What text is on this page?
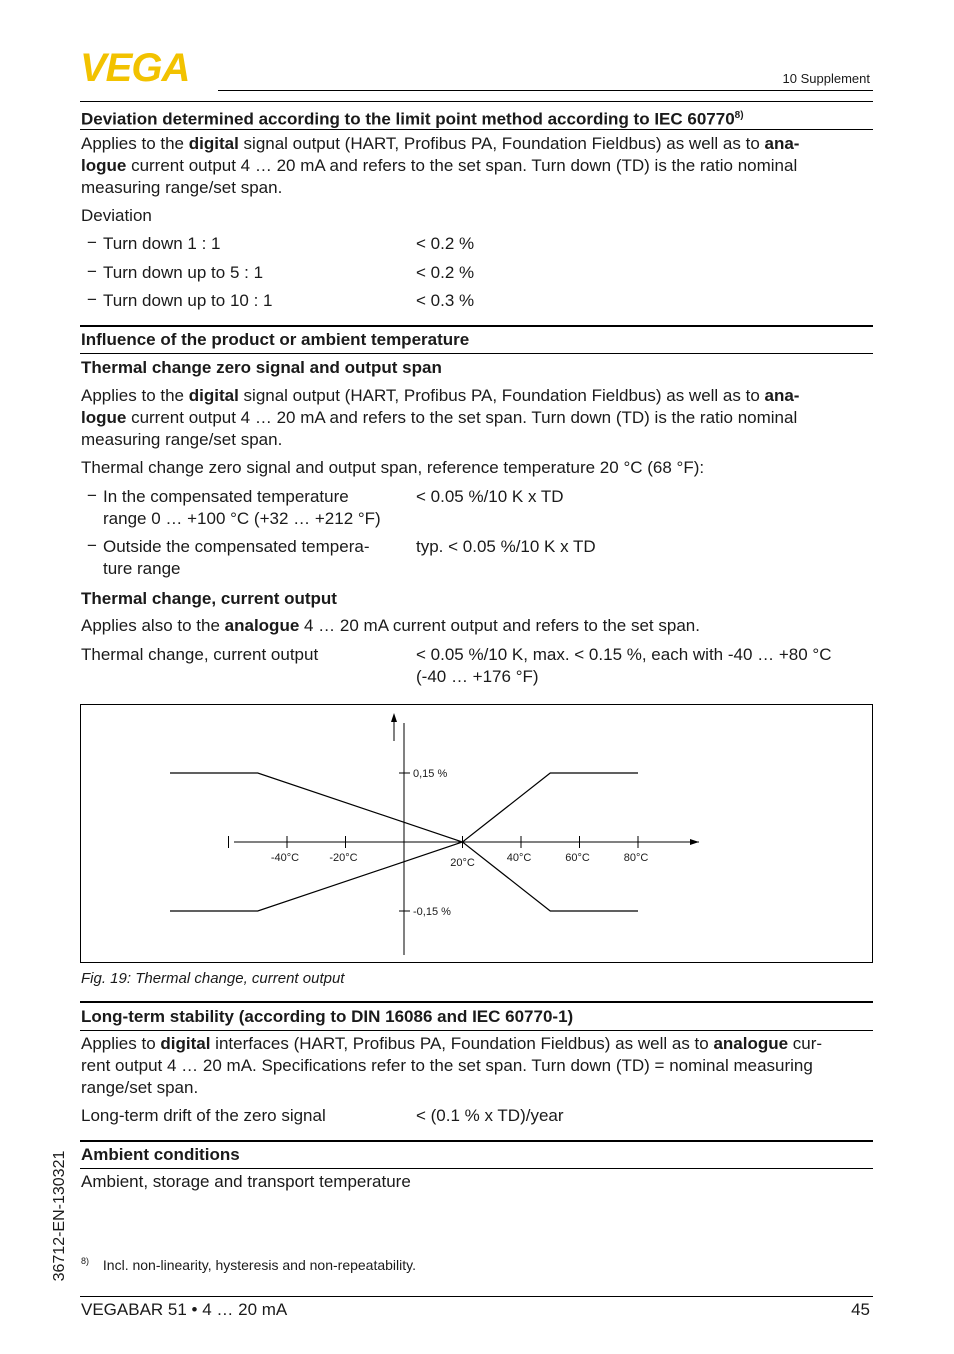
VEGA	10 Supplement
Deviation determined according to the limit point method according to IEC 60770$^{8)}$
Applies to the digital signal output (HART, Profibus PA, Foundation Fieldbus) as well as to ana-
logue current output 4 … 20 mA and refers to the set span. Turn down (TD) is the ratio nominal
measuring range/set span.
Deviation
− Turn down 1 : 1	< 0.2 %
− Turn down up to 5 : 1	< 0.2 %
− Turn down up to 10 : 1	< 0.3 %
Influence of the product or ambient temperature
Thermal change zero signal and output span
Applies to the digital signal output (HART, Profibus PA, Foundation Fieldbus) as well as to ana-
logue current output 4 … 20 mA and refers to the set span. Turn down (TD) is the ratio nominal
measuring range/set span.
Thermal change zero signal and output span, reference temperature 20 °C (68 °F):
− In the compensated temperature
range 0 … +100 °C (+32 … +212 °F)
< 0.05 %/10 K x TD
− Outside the compensated tempera-
ture range
typ. < 0.05 %/10 K x TD
Thermal change, current output
Applies also to the analogue 4 … 20 mA current output and refers to the set span.
Thermal change, current output	< 0.05 %/10 K, max. < 0.15 %, each with -40 … +80 °C
(-40 … +176 °F)
-40°C	-20°C	20°C	40°C	60°C	80°C
0,15 %
-0,15 %
Fig. 19: Thermal change, current output
Long-term stability (according to DIN 16086 and IEC 60770-1)
Applies to digital interfaces (HART, Profibus PA, Foundation Fieldbus) as well as to analogue cur-
rent output 4 … 20 mA. Specifications refer to the set span. Turn down (TD) = nominal measuring
range/set span.
Long-term drift of the zero signal	< (0.1 % x TD)/year
Ambient conditions
Ambient, storage and transport temperature
$^{8)}$ Incl. non-linearity, hysteresis and non-repeatability.
36712-EN-130321
VEGABAR 51 • 4 … 20 mA	45
